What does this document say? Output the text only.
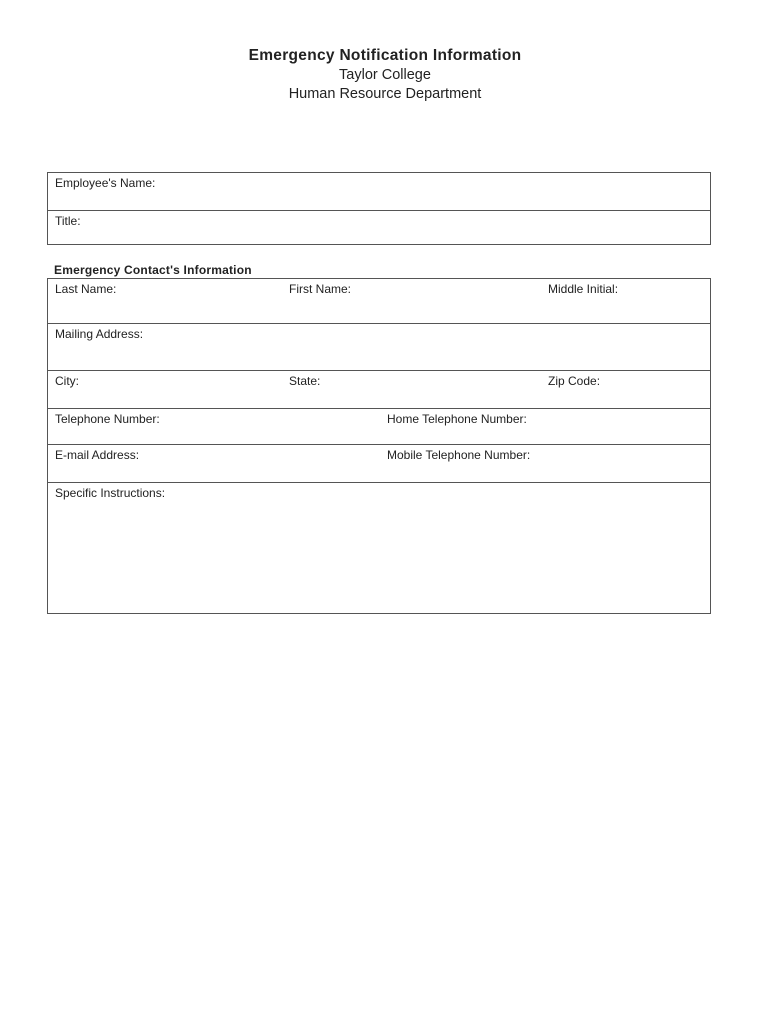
Emergency Notification Information
Taylor College
Human Resource Department
Employee's Name:
Title:
Emergency Contact's Information
Last Name:	First Name:	Middle Initial:
Mailing Address:
City:	State:	Zip Code:
Telephone Number:	Home Telephone Number:
E-mail Address:	Mobile Telephone Number:
Specific Instructions:
